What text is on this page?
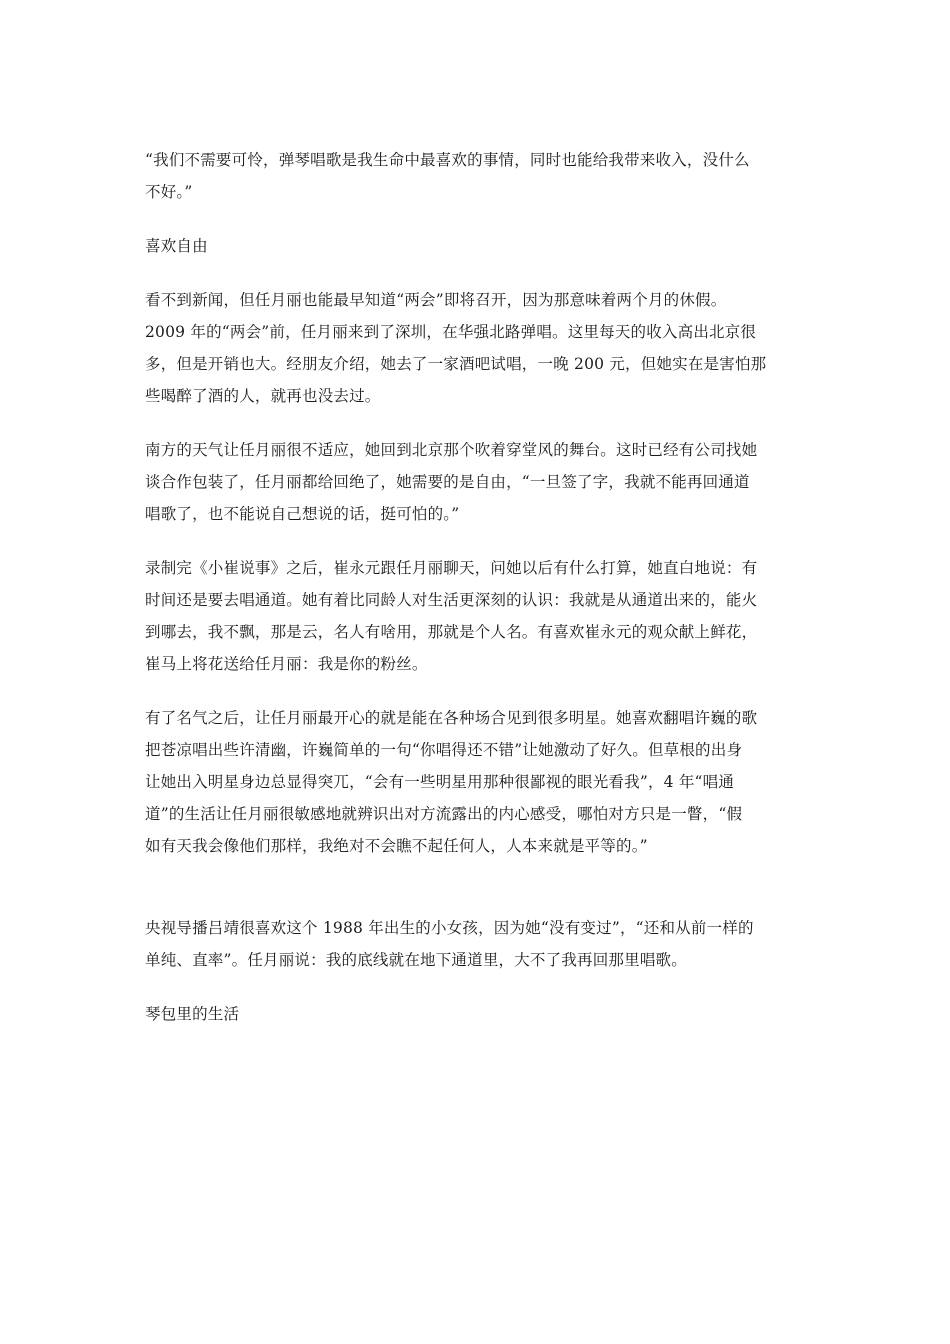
“我们不需要可怜，弹琴唱歌是我生命中最喜欢的事情，同时也能给我带来收入，没什么
不好。”

喜欢自由

看不到新闻，但任月丽也能最早知道“两会”即将召开，因为那意味着两个月的休假。
2009 年的“两会”前，任月丽来到了深圳，在华强北路弹唱。这里每天的收入高出北京很
多，但是开销也大。经朋友介绍，她去了一家酒吧试唱，一晚 200 元，但她实在是害怕那
些喝醉了酒的人，就再也没去过。

南方的天气让任月丽很不适应，她回到北京那个吹着穿堂风的舞台。这时已经有公司找她
谈合作包装了，任月丽都给回绝了，她需要的是自由，“一旦签了字，我就不能再回通道
唱歌了，也不能说自己想说的话，挺可怕的。”

录制完《小崔说事》之后，崔永元跟任月丽聊天，问她以后有什么打算，她直白地说：有
时间还是要去唱通道。她有着比同龄人对生活更深刻的认识：我就是从通道出来的，能火
到哪去，我不飘，那是云，名人有啥用，那就是个人名。有喜欢崔永元的观众献上鲜花，
崔马上将花送给任月丽：我是你的粉丝。

有了名气之后，让任月丽最开心的就是能在各种场合见到很多明星。她喜欢翻唱许巍的歌
把苍凉唱出些许清幽，许巍简单的一句“你唱得还不错”让她激动了好久。但草根的出身
让她出入明星身边总显得突兀，“会有一些明星用那种很鄙视的眼光看我”，4 年“唱通
道”的生活让任月丽很敏感地就辨识出对方流露出的内心感受，哪怕对方只是一瞥，“假
如有天我会像他们那样，我绝对不会瞧不起任何人，人本来就是平等的。”

央视导播吕靖很喜欢这个 1988 年出生的小女孩，因为她“没有变过”，“还和从前一样的
单纯、直率”。任月丽说：我的底线就在地下通道里，大不了我再回那里唱歌。

琴包里的生活
